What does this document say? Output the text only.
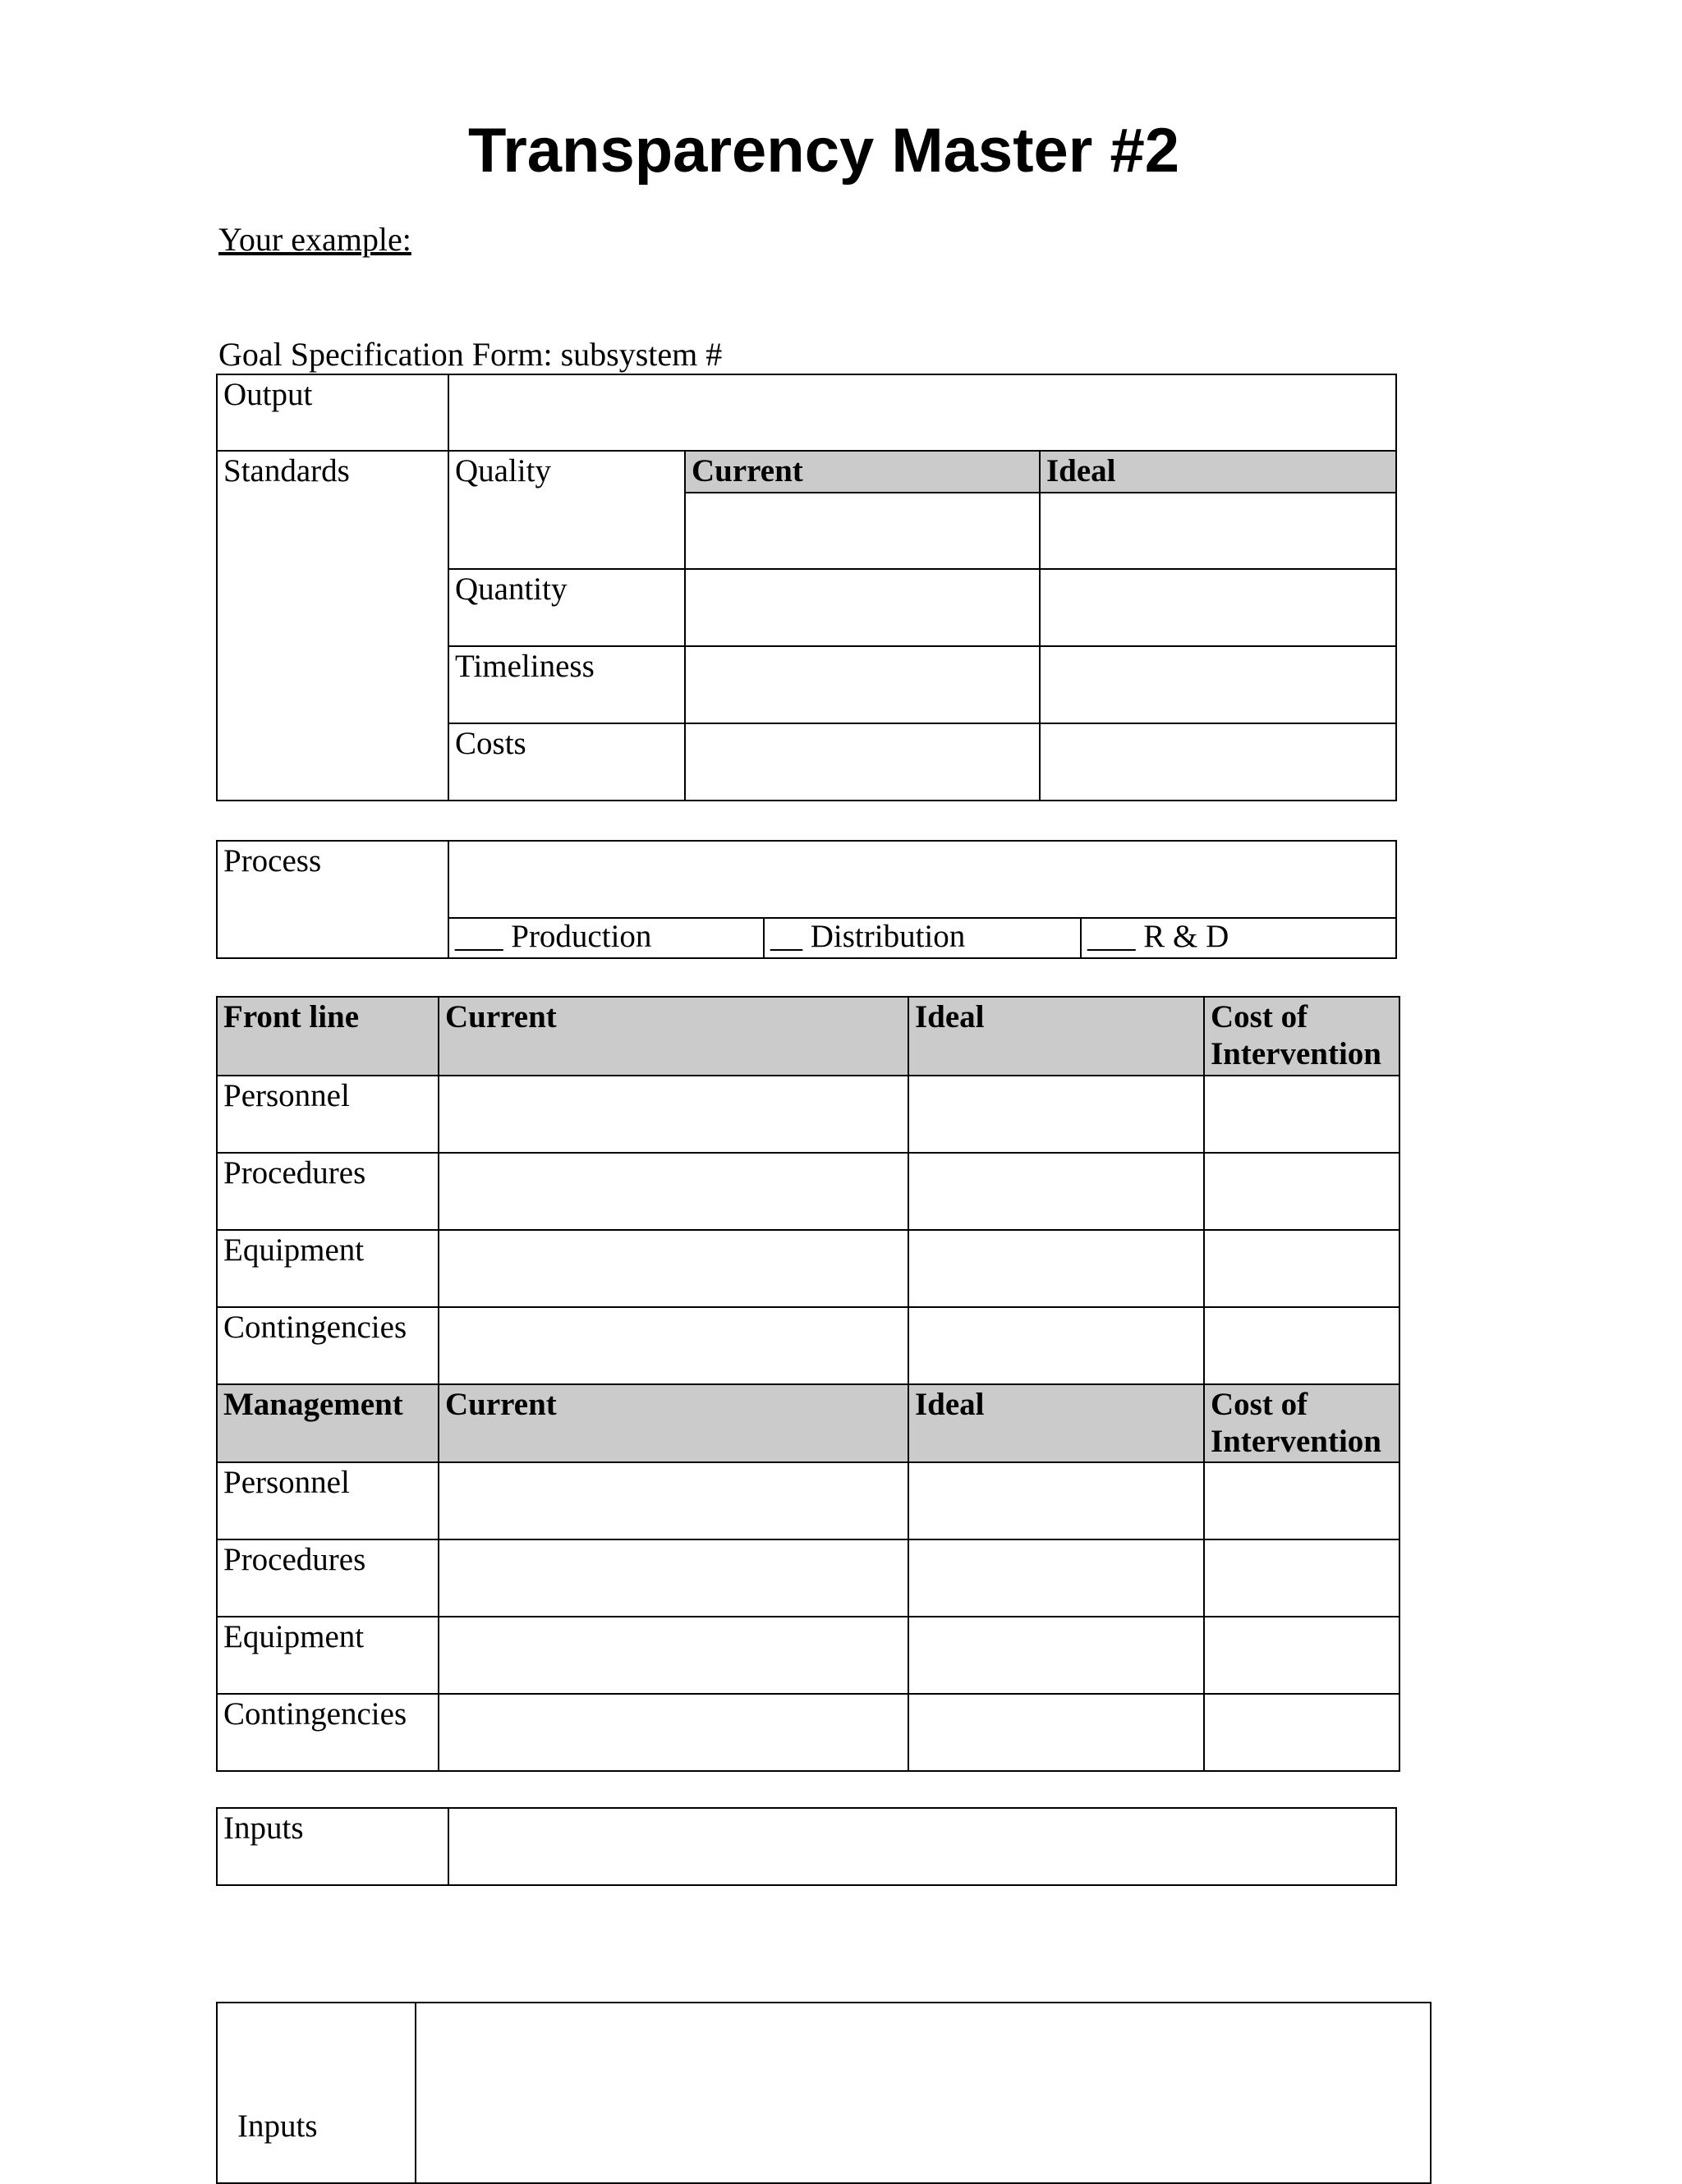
Transparency Master #2
Your example:
Goal Specification Form: subsystem #
Output			
Standards	Quality	Current	Ideal

	Quantity		
	Timeliness		
	Costs		
Process			
	___ Production	__ Distribution	___ R & D
Front line	Current	Ideal	Cost of Intervention
Personnel			
Procedures			
Equipment			
Contingencies			
Management	Current	Ideal	Cost of Intervention
Personnel			
Procedures			
Equipment			
Contingencies			
Inputs	
Inputs	
